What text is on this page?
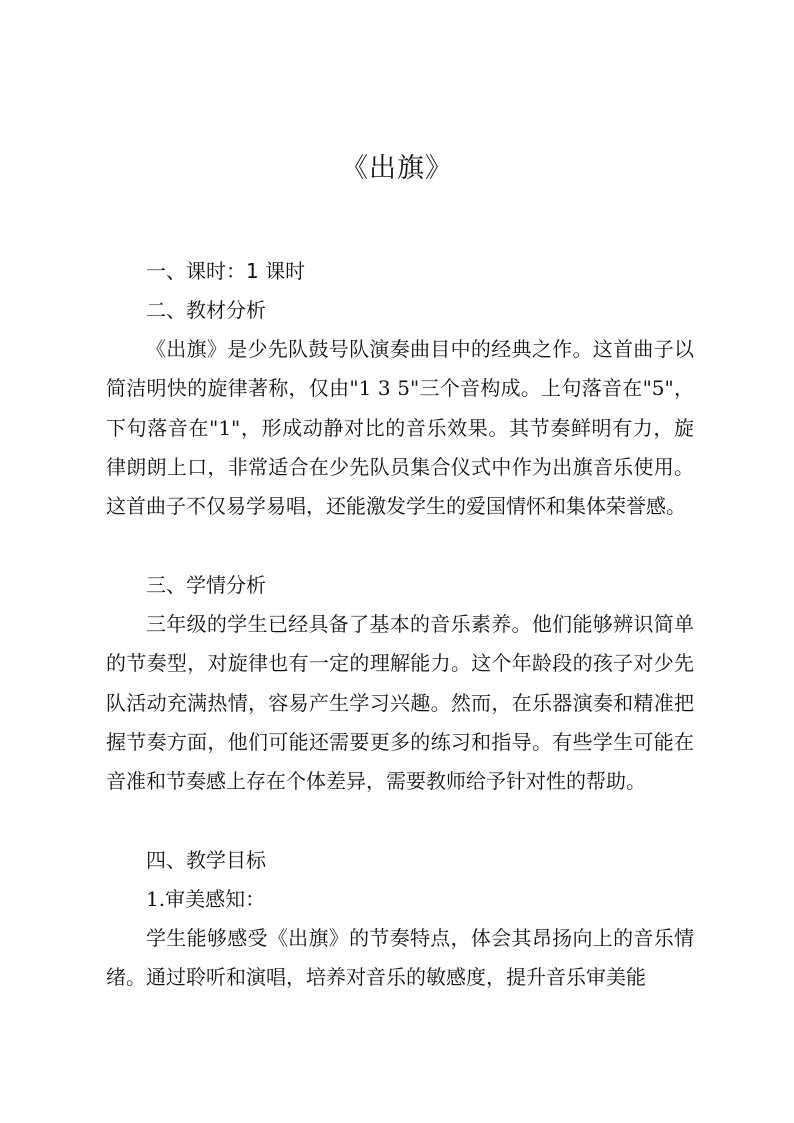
《出旗》
一、课时：1 课时
二、教材分析

《出旗》是少先队鼓号队演奏曲目中的经典之作。这首曲子以简洁明快的旋律著称，仅由"1 3 5"三个音构成。上句落音在"5"，下句落音在"1"，形成动静对比的音乐效果。其节奏鲜明有力，旋律朗朗上口，非常适合在少先队员集合仪式中作为出旗音乐使用。这首曲子不仅易学易唱，还能激发学生的爱国情怀和集体荣誉感。

三、学情分析

三年级的学生已经具备了基本的音乐素养。他们能够辨识简单的节奏型，对旋律也有一定的理解能力。这个年龄段的孩子对少先队活动充满热情，容易产生学习兴趣。然而，在乐器演奏和精准把握节奏方面，他们可能还需要更多的练习和指导。有些学生可能在音准和节奏感上存在个体差异，需要教师给予针对性的帮助。

四、教学目标
1.审美感知：

学生能够感受《出旗》的节奏特点，体会其昂扬向上的音乐情绪。通过聆听和演唱，培养对音乐的敏感度，提升音乐审美能
